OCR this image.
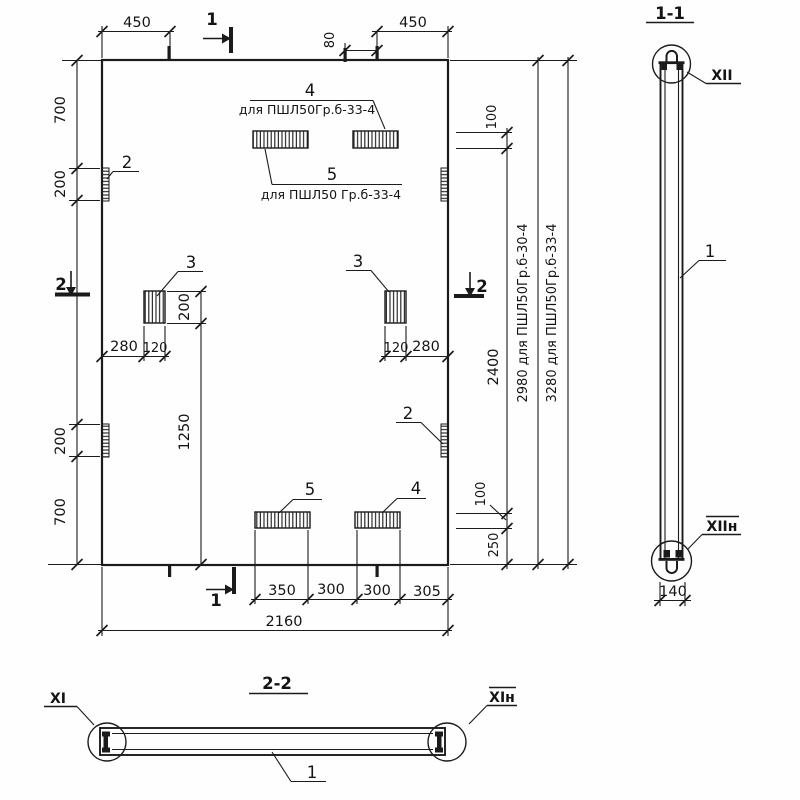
450	450
80
1
1
2	2
700
200
200
700
2
2
3	3
4
для ПШЛ50Гр.б-33-4
5
для ПШЛ50 Гр.б-33-4
5	4
200
1250
280 120	120 280
350 300 300 305
2160
100
2400
100
250
2980 для ПШЛ50Гр.б-30-4 3280 для ПШЛ50Гр.б-33-4
1-1
XII
1
XIIн
140
2-2
XI	XIн
1
